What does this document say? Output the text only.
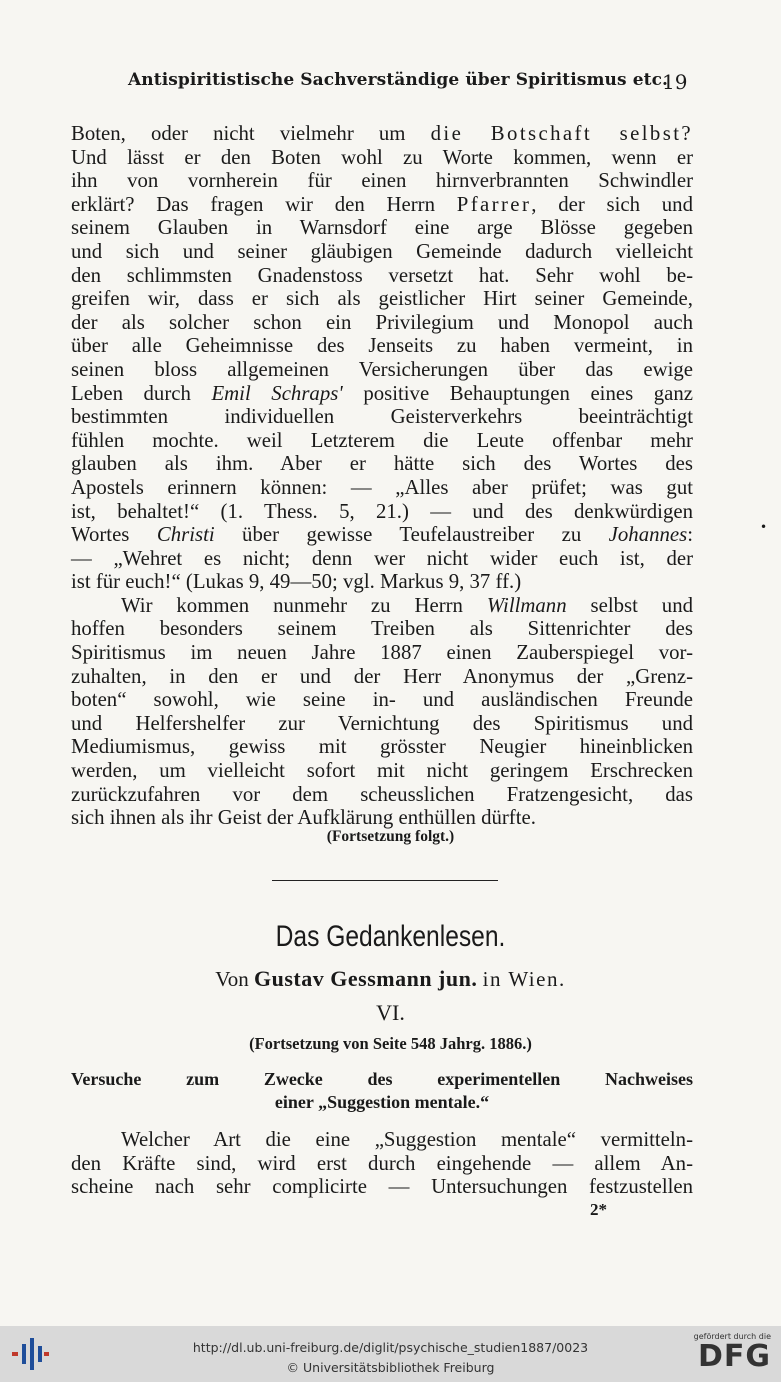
Antispiritistische Sachverständige über Spiritismus etc.
19
Boten, oder nicht vielmehr um die Botschaft selbst?
Und lässt er den Boten wohl zu Worte kommen, wenn er
ihn von vornherein für einen hirnverbrannten Schwindler
erklärt? Das fragen wir den Herrn Pfarrer, der sich und
seinem Glauben in Warnsdorf eine arge Blösse gegeben
und sich und seiner gläubigen Gemeinde dadurch vielleicht
den schlimmsten Gnadenstoss versetzt hat. Sehr wohl be-
greifen wir, dass er sich als geistlicher Hirt seiner Gemeinde,
der als solcher schon ein Privilegium und Monopol auch
über alle Geheimnisse des Jenseits zu haben vermeint, in
seinen bloss allgemeinen Versicherungen über das ewige
Leben durch Emil Schraps' positive Behauptungen eines ganz
bestimmten individuellen Geisterverkehrs beeinträchtigt
fühlen mochte. weil Letzterem die Leute offenbar mehr
glauben als ihm. Aber er hätte sich des Wortes des
Apostels erinnern können: — „Alles aber prüfet; was gut
ist, behaltet!“ (1. Thess. 5, 21.) — und des denkwürdigen
Wortes Christi über gewisse Teufelaustreiber zu Johannes:
— „Wehret es nicht; denn wer nicht wider euch ist, der
ist für euch!“ (Lukas 9, 49—50; vgl. Markus 9, 37 ff.)
Wir kommen nunmehr zu Herrn Willmann selbst und
hoffen besonders seinem Treiben als Sittenrichter des
Spiritismus im neuen Jahre 1887 einen Zauberspiegel vor-
zuhalten, in den er und der Herr Anonymus der „Grenz-
boten“ sowohl, wie seine in- und ausländischen Freunde
und Helfershelfer zur Vernichtung des Spiritismus und
Mediumismus, gewiss mit grösster Neugier hineinblicken
werden, um vielleicht sofort mit nicht geringem Erschrecken
zurückzufahren vor dem scheusslichen Fratzengesicht, das
sich ihnen als ihr Geist der Aufklärung enthüllen dürfte.
•
(Fortsetzung folgt.)
Das Gedankenlesen.
Von Gustav Gessmann jun. in Wien.
VI.
(Fortsetzung von Seite 548 Jahrg. 1886.)
Versuche zum Zwecke des experimentellen Nachweises
einer „Suggestion mentale.“
Welcher Art die eine „Suggestion mentale“ vermitteln-
den Kräfte sind, wird erst durch eingehende — allem An-
scheine nach sehr complicirte — Untersuchungen festzustellen
2*
http://dl.ub.uni-freiburg.de/diglit/psychische_studien1887/0023
© Universitätsbibliothek Freiburg
gefördert durch die
DFG
